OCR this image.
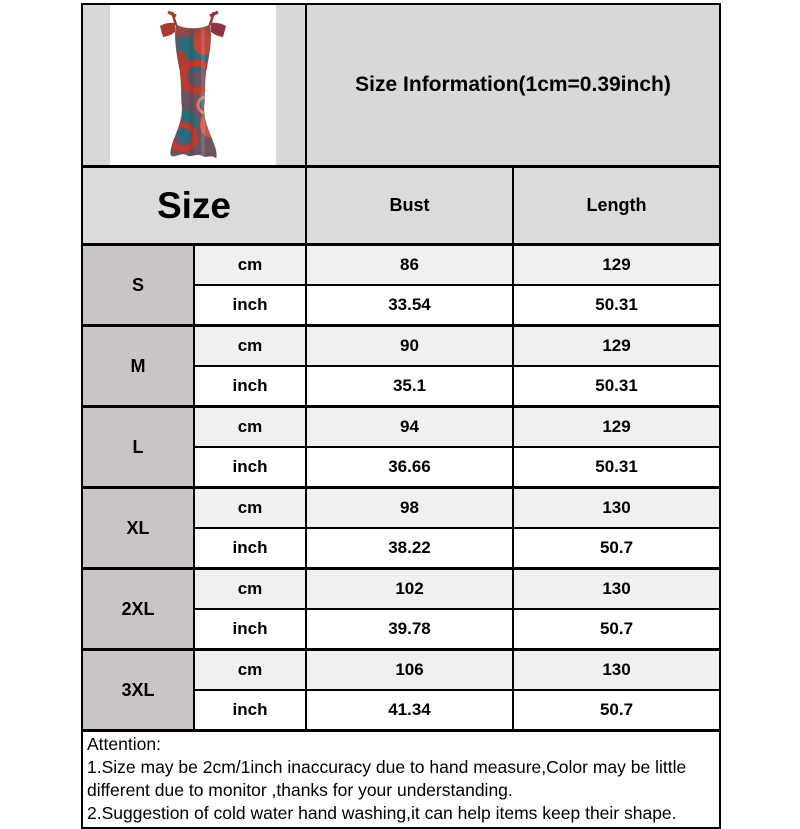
Size Information(1cm=0.39inch)	

Size		Bust	Length
S	cm	86	129
	inch	33.54	50.31
M	cm	90	129
	inch	35.1	50.31
L	cm	94	129
	inch	36.66	50.31
XL	cm	98	130
	inch	38.22	50.7
2XL	cm	102	130
	inch	39.78	50.7
3XL	cm	106	130
	inch	41.34	50.7

Attention:
1.Size may be 2cm/1inch inaccuracy due to hand measure,Color may be little different due to monitor ,thanks for your understanding.
2.Suggestion of cold water hand washing,it can help items keep their shape.			
